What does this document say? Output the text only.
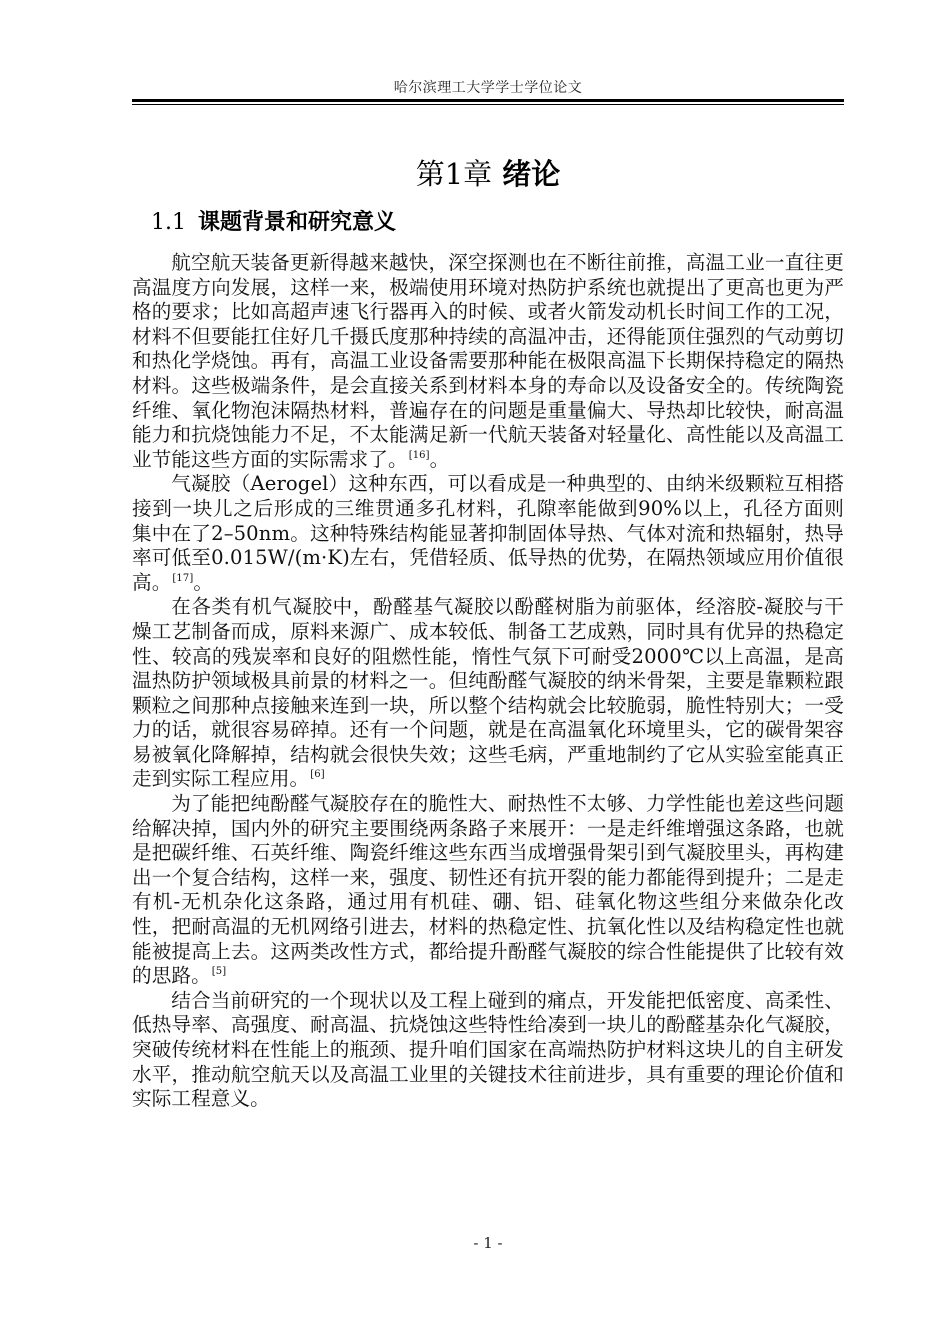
哈尔滨理工大学学士学位论文
第1章 绪论
1.1 课题背景和研究意义

航空航天装备更新得越来越快，深空探测也在不断往前推，高温工业一直往更高温度方向发展，这样一来，极端使用环境对热防护系统也就提出了更高也更为严格的要求；比如高超声速飞行器再入的时候、或者火箭发动机长时间工作的工况，材料不但要能扛住好几千摄氏度那种持续的高温冲击，还得能顶住强烈的气动剪切和热化学烧蚀。再有，高温工业设备需要那种能在极限高温下长期保持稳定的隔热材料。这些极端条件，是会直接关系到材料本身的寿命以及设备安全的。传统陶瓷纤维、氧化物泡沫隔热材料，普遍存在的问题是重量偏大、导热却比较快，耐高温能力和抗烧蚀能力不足，不太能满足新一代航天装备对轻量化、高性能以及高温工业节能这些方面的实际需求了。[16]。

气凝胶（Aerogel）这种东西，可以看成是一种典型的、由纳米级颗粒互相搭接到一块儿之后形成的三维贯通多孔材料，孔隙率能做到90%以上，孔径方面则集中在了2–50nm。这种特殊结构能显著抑制固体导热、气体对流和热辐射，热导率可低至0.015W/(m·K)左右，凭借轻质、低导热的优势，在隔热领域应用价值很高。[17]。

在各类有机气凝胶中，酚醛基气凝胶以酚醛树脂为前驱体，经溶胶-凝胶与干燥工艺制备而成，原料来源广、成本较低、制备工艺成熟，同时具有优异的热稳定性、较高的残炭率和良好的阻燃性能，惰性气氛下可耐受2000℃以上高温，是高温热防护领域极具前景的材料之一。但纯酚醛气凝胶的纳米骨架，主要是靠颗粒跟颗粒之间那种点接触来连到一块，所以整个结构就会比较脆弱，脆性特别大；一受力的话，就很容易碎掉。还有一个问题，就是在高温氧化环境里头，它的碳骨架容易被氧化降解掉，结构就会很快失效；这些毛病，严重地制约了它从实验室能真正走到实际工程应用。[6]

为了能把纯酚醛气凝胶存在的脆性大、耐热性不太够、力学性能也差这些问题给解决掉，国内外的研究主要围绕两条路子来展开：一是走纤维增强这条路，也就是把碳纤维、石英纤维、陶瓷纤维这些东西当成增强骨架引到气凝胶里头，再构建出一个复合结构，这样一来，强度、韧性还有抗开裂的能力都能得到提升；二是走有机-无机杂化这条路，通过用有机硅、硼、铝、硅氧化物这些组分来做杂化改性，把耐高温的无机网络引进去，材料的热稳定性、抗氧化性以及结构稳定性也就能被提高上去。这两类改性方式，都给提升酚醛气凝胶的综合性能提供了比较有效的思路。[5]

结合当前研究的一个现状以及工程上碰到的痛点，开发能把低密度、高柔性、低热导率、高强度、耐高温、抗烧蚀这些特性给凑到一块儿的酚醛基杂化气凝胶，突破传统材料在性能上的瓶颈、提升咱们国家在高端热防护材料这块儿的自主研发水平，推动航空航天以及高温工业里的关键技术往前进步，具有重要的理论价值和实际工程意义。

- 1 -
